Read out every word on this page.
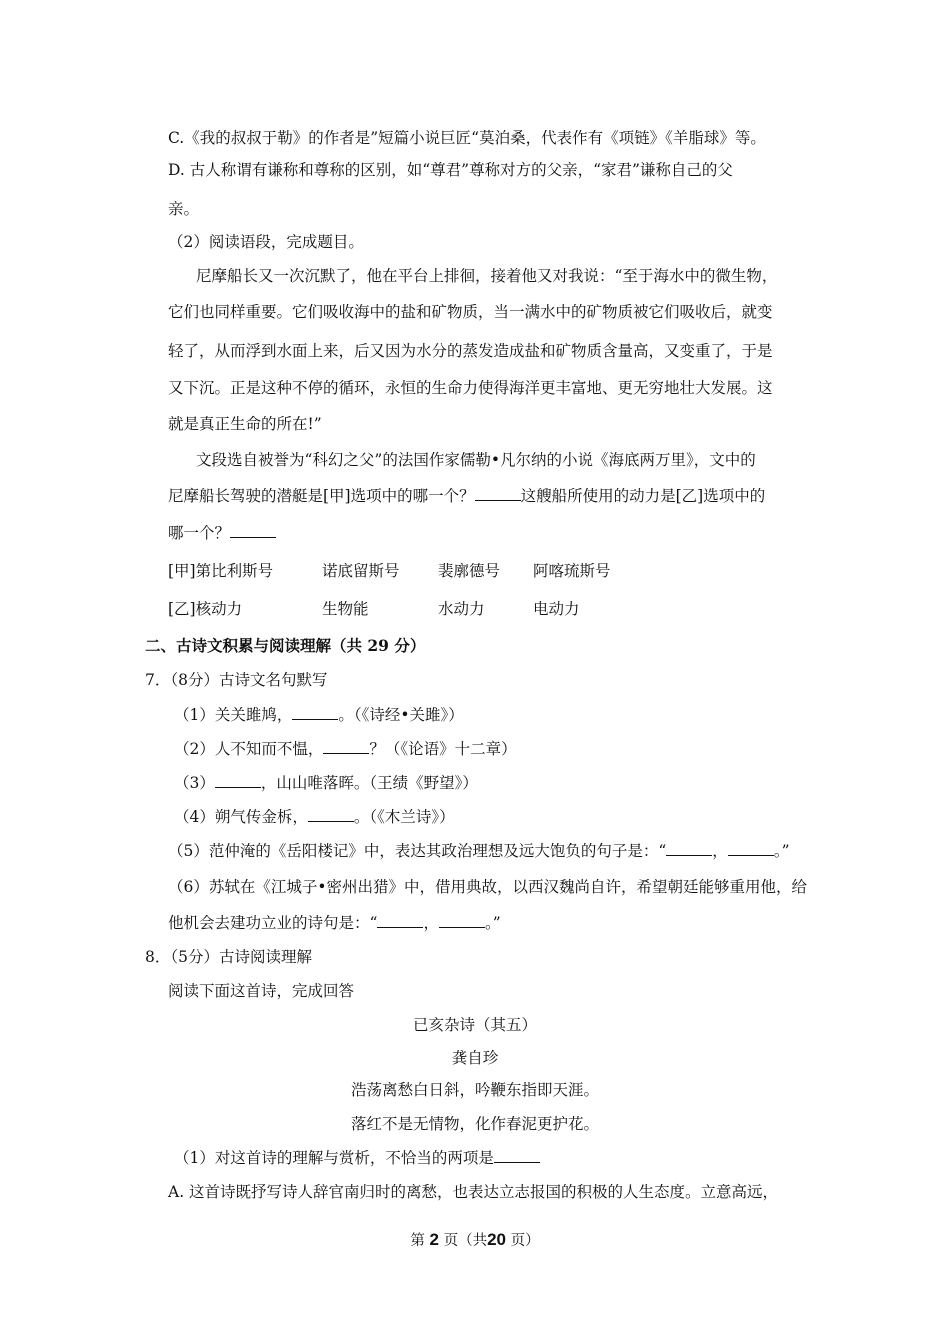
C.《我的叔叔于勒》的作者是”短篇小说巨匠“莫泊桑，代表作有《项链》《羊脂球》等。
D. 古人称谓有谦称和尊称的区别，如“尊君”尊称对方的父亲，“家君”谦称自己的父
亲。
（2）阅读语段，完成题目。
尼摩船长又一次沉默了，他在平台上排徊，接着他又对我说：“至于海水中的微生物，
它们也同样重要。它们吸收海中的盐和矿物质，当一满水中的矿物质被它们吸收后，就变
轻了，从而浮到水面上来，后又因为水分的蒸发造成盐和矿物质含量高，又变重了，于是
又下沉。正是这种不停的循环，永恒的生命力使得海洋更丰富地、更无穷地壮大发展。这
就是真正生命的所在!”
文段选自被誉为“科幻之父”的法国作家儒勒•凡尔纳的小说《海底两万里》，文中的
尼摩船长驾驶的潜艇是[甲]选项中的哪一个？	这艘船所使用的动力是[乙]选项中的
哪一个？
[甲]第比利斯号	诺底留斯号 裴廓德号 阿喀琉斯号
[乙]核动力	生物能	水动力	电动力
二、古诗文积累与阅读理解（共 29 分）
7．（8分）古诗文名句默写
（1）关关雎鸠，	。（《诗经•关雎》）
（2）人不知而不愠，	？（《论语》十二章）
（3）	，山山唯落晖。（王绩《野望》）
（4）朔气传金柝，	。（《木兰诗》）
（5）范仲淹的《岳阳楼记》中，表达其政治理想及远大饱负的句子是：“	，	。”
（6）苏轼在《江城子•密州出猎》中，借用典故，以西汉魏尚自许，希望朝廷能够重用他，给
他机会去建功立业的诗句是：“	，	。”
8．（5分）古诗阅读理解
阅读下面这首诗，完成回答
已亥杂诗（其五）
龚自珍
浩荡离愁白日斜，吟鞭东指即天涯。
落红不是无情物，化作春泥更护花。
（1）对这首诗的理解与赏析，不恰当的两项是
A. 这首诗既抒写诗人辞官南归时的离愁，也表达立志报国的积极的人生态度。立意高远，
第 2 页（共20 页）
